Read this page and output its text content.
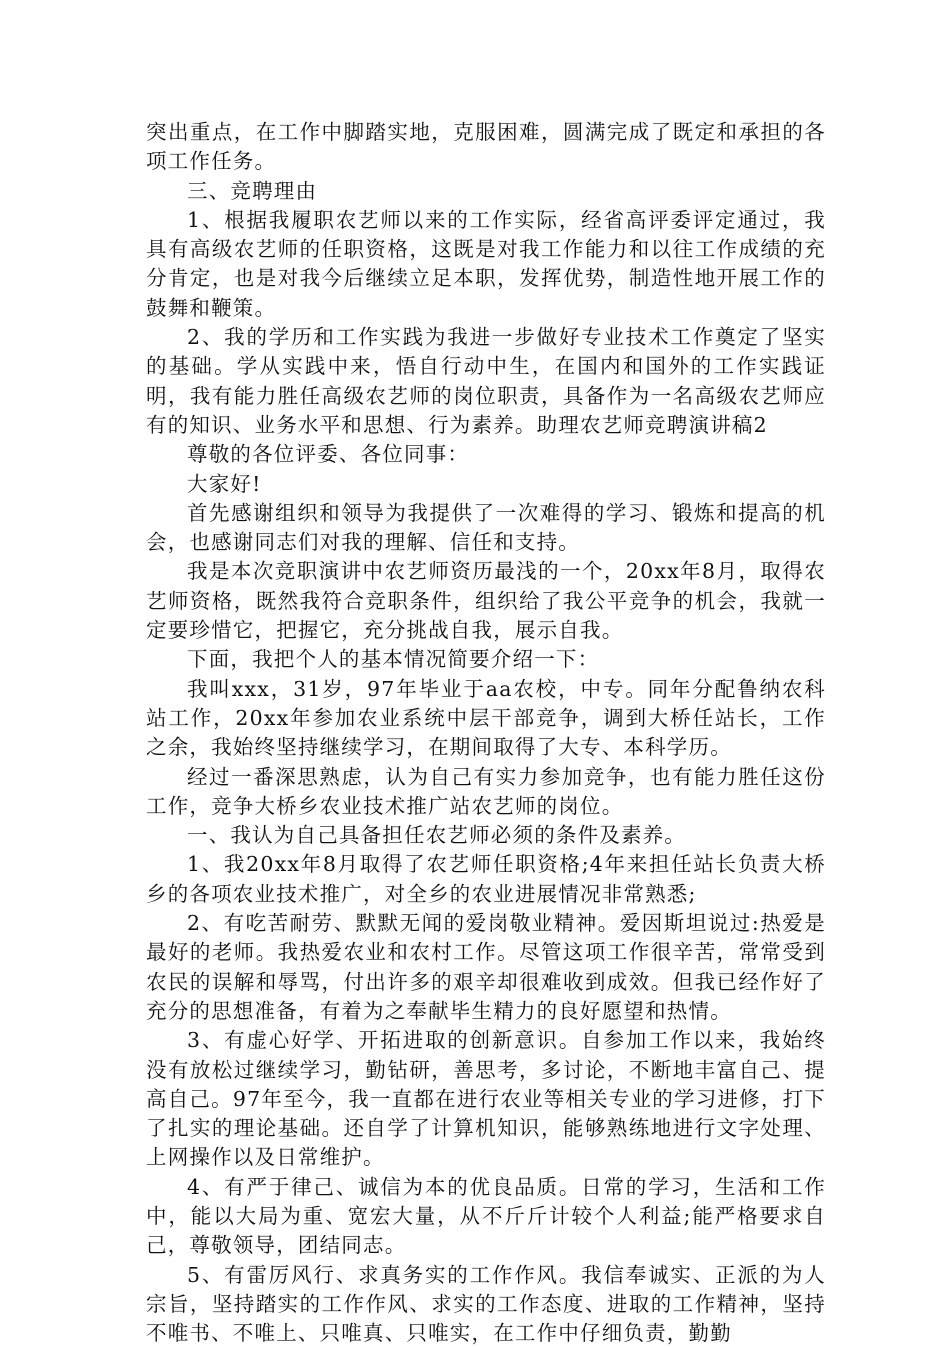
突出重点，在工作中脚踏实地，克服困难，圆满完成了既定和承担的各项工作任务。

三、竞聘理由

1、根据我履职农艺师以来的工作实际，经省高评委评定通过，我具有高级农艺师的任职资格，这既是对我工作能力和以往工作成绩的充分肯定，也是对我今后继续立足本职，发挥优势，制造性地开展工作的鼓舞和鞭策。

2、我的学历和工作实践为我进一步做好专业技术工作奠定了坚实的基础。学从实践中来，悟自行动中生，在国内和国外的工作实践证明，我有能力胜任高级农艺师的岗位职责，具备作为一名高级农艺师应有的知识、业务水平和思想、行为素养。助理农艺师竞聘演讲稿2

尊敬的各位评委、各位同事：

大家好!

首先感谢组织和领导为我提供了一次难得的学习、锻炼和提高的机会，也感谢同志们对我的理解、信任和支持。

我是本次竞职演讲中农艺师资历最浅的一个，20xx年8月，取得农艺师资格，既然我符合竞职条件，组织给了我公平竞争的机会，我就一定要珍惜它，把握它，充分挑战自我，展示自我。

下面，我把个人的基本情况简要介绍一下：

我叫xxx，31岁，97年毕业于aa农校，中专。同年分配鲁纳农科站工作，20xx年参加农业系统中层干部竞争，调到大桥任站长，工作之余，我始终坚持继续学习，在期间取得了大专、本科学历。

经过一番深思熟虑，认为自己有实力参加竞争，也有能力胜任这份工作，竞争大桥乡农业技术推广站农艺师的岗位。

一、我认为自己具备担任农艺师必须的条件及素养。

1、我20xx年8月取得了农艺师任职资格;4年来担任站长负责大桥乡的各项农业技术推广，对全乡的农业进展情况非常熟悉;

2、有吃苦耐劳、默默无闻的爱岗敬业精神。爱因斯坦说过:热爱是最好的老师。我热爱农业和农村工作。尽管这项工作很辛苦，常常受到农民的误解和辱骂，付出许多的艰辛却很难收到成效。但我已经作好了充分的思想准备，有着为之奉献毕生精力的良好愿望和热情。

3、有虚心好学、开拓进取的创新意识。自参加工作以来，我始终没有放松过继续学习，勤钻研，善思考，多讨论，不断地丰富自己、提高自己。97年至今，我一直都在进行农业等相关专业的学习进修，打下了扎实的理论基础。还自学了计算机知识，能够熟练地进行文字处理、上网操作以及日常维护。

4、有严于律己、诚信为本的优良品质。日常的学习，生活和工作中，能以大局为重、宽宏大量，从不斤斤计较个人利益;能严格要求自己，尊敬领导，团结同志。

5、有雷厉风行、求真务实的工作作风。我信奉诚实、正派的为人宗旨，坚持踏实的工作作风、求实的工作态度、进取的工作精神，坚持不唯书、不唯上、只唯真、只唯实，在工作中仔细负责，勤勤
